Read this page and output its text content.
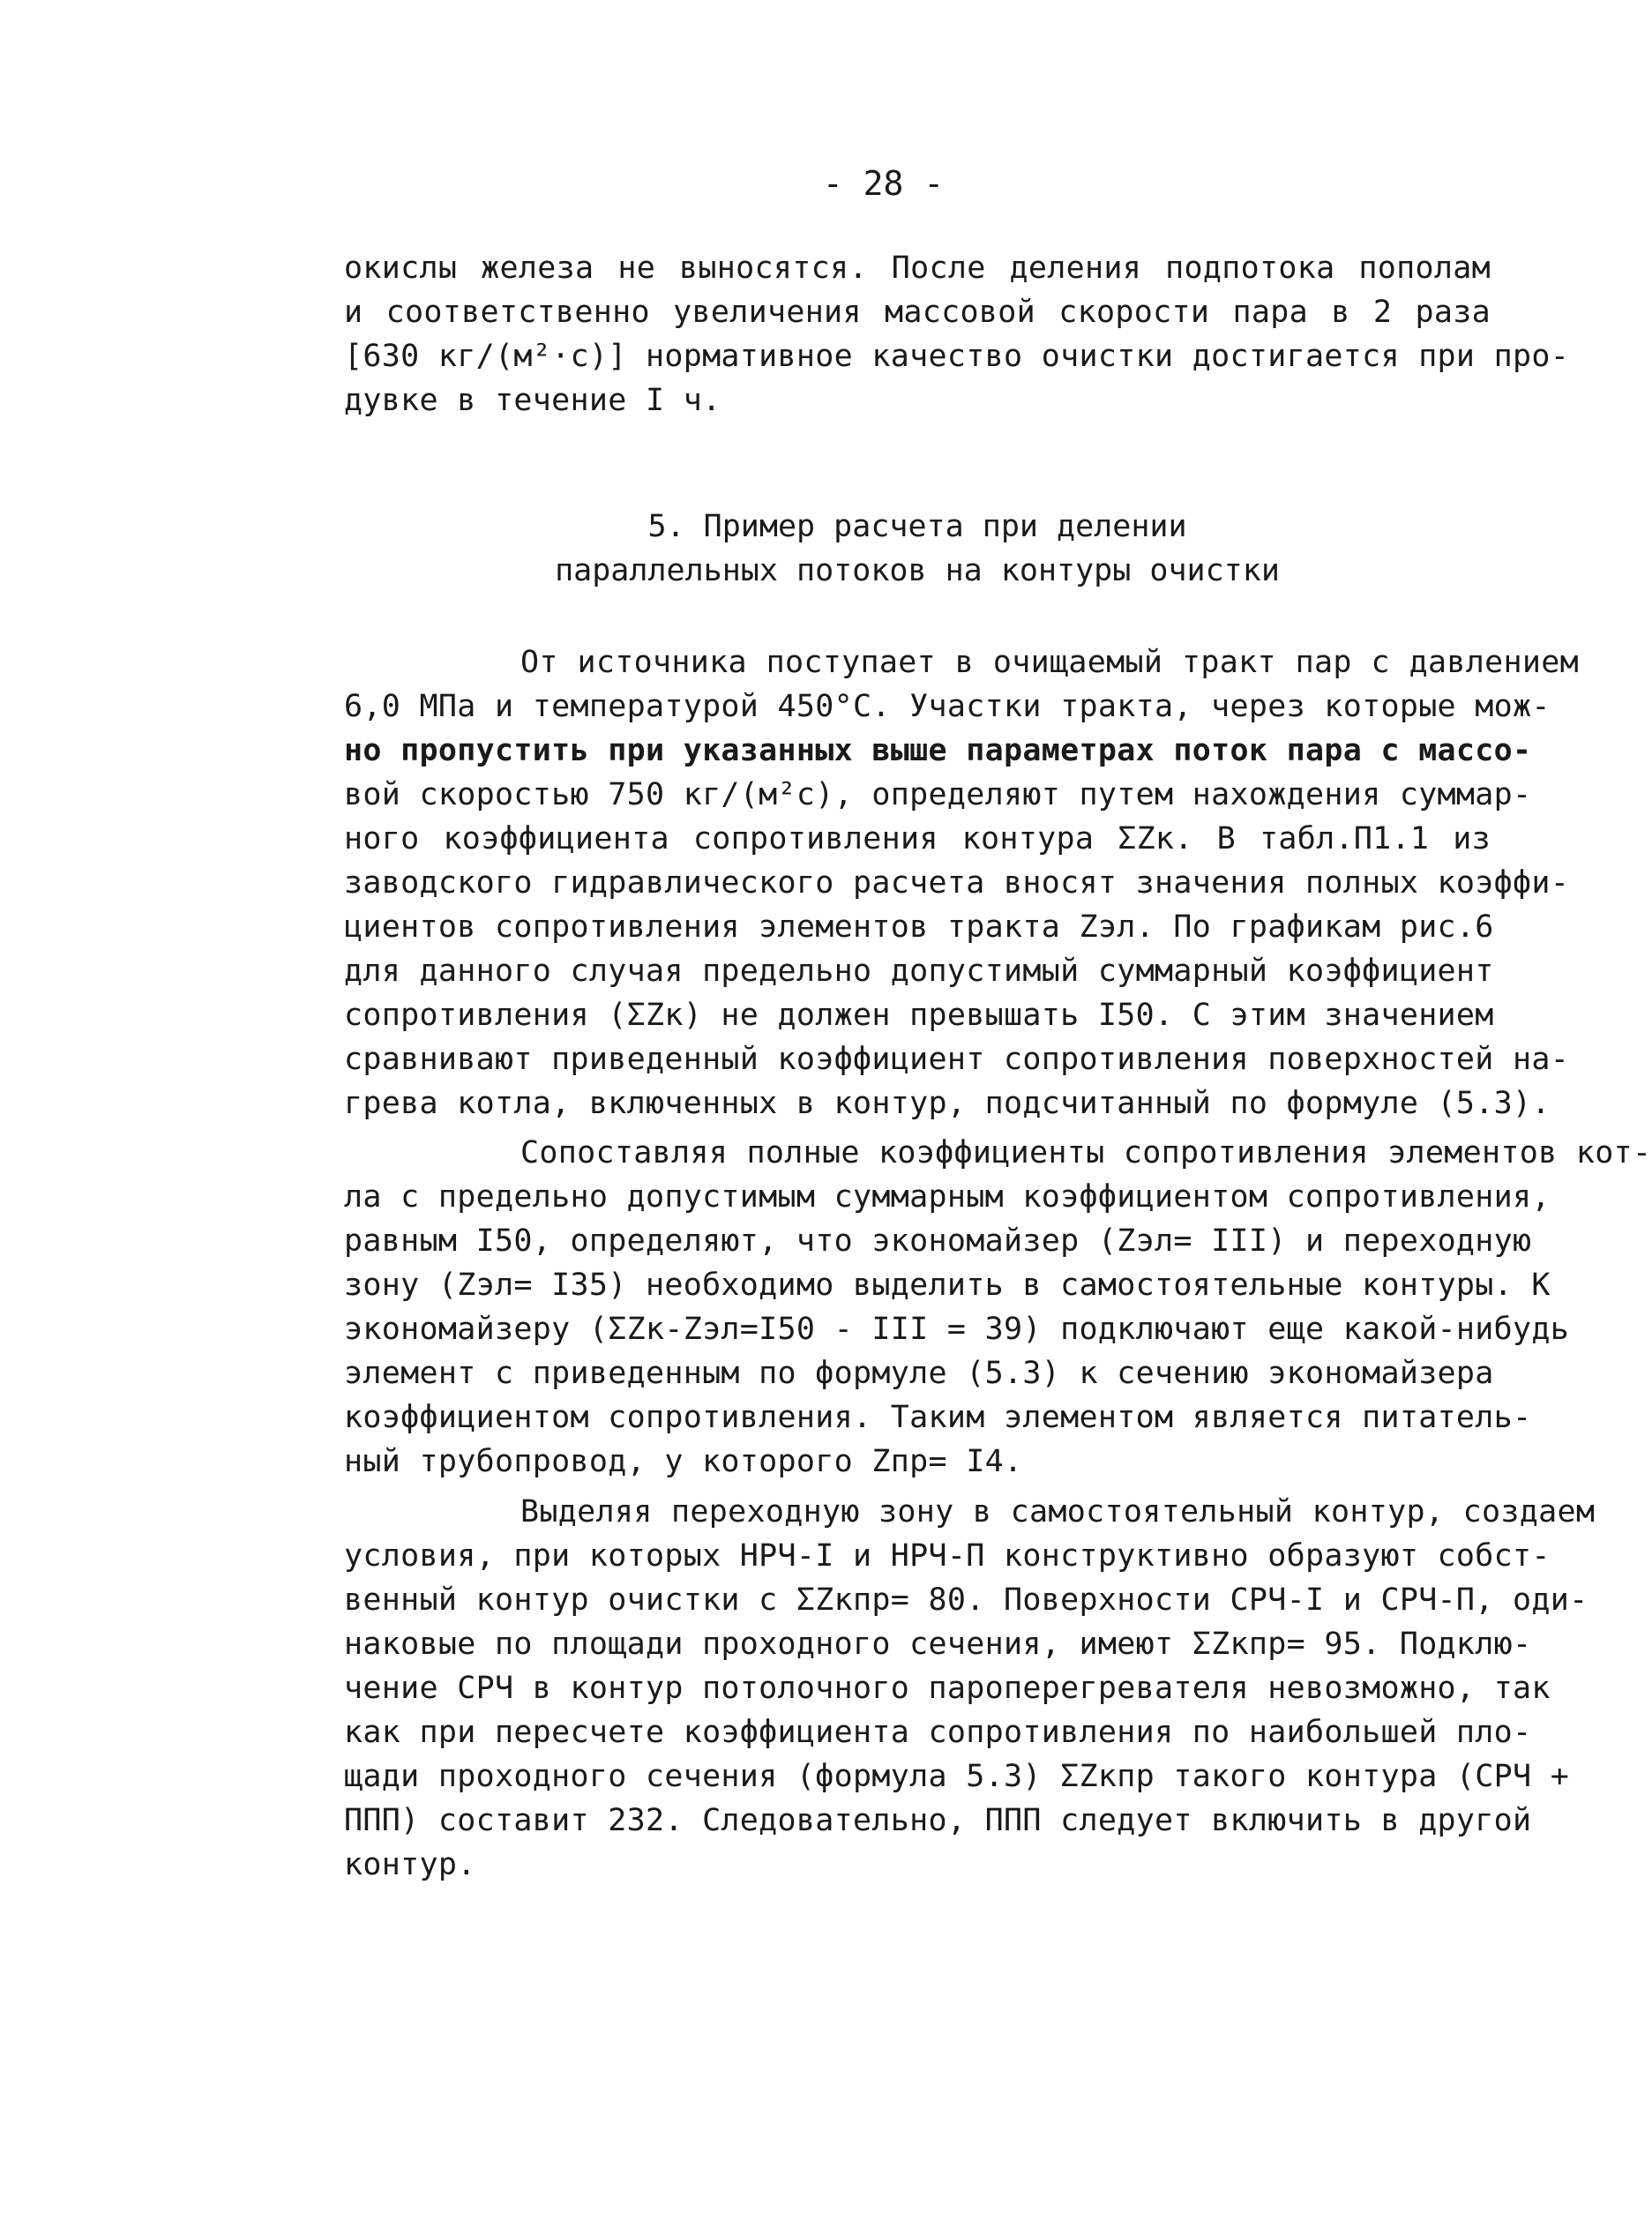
- 28 -
окислы железа не выносятся. После деления подпотока пополам
и соответственно увеличения массовой скорости пара в 2 раза
[630 кг/(м²·с)] нормативное качество очистки достигается при про-
дувке в течение I ч.
5. Пример расчета при делении
параллельных потоков на контуры очистки
От источника поступает в очищаемый тракт пар с давлением
6,0 МПа и температурой 450°С. Участки тракта, через которые мож-
но пропустить при указанных выше параметрах поток пара с массо-
вой скоростью 750 кг/(м²с), определяют путем нахождения суммар-
ного коэффициента сопротивления контура ΣZк. В табл.П1.1 из
заводского гидравлического расчета вносят значения полных коэффи-
циентов сопротивления элементов тракта Zэл. По графикам рис.6
для данного случая предельно допустимый суммарный коэффициент
сопротивления (ΣZк) не должен превышать I50. С этим значением
сравнивают приведенный коэффициент сопротивления поверхностей на-
грева котла, включенных в контур, подсчитанный по формуле (5.3).
Сопоставляя полные коэффициенты сопротивления элементов кот-
ла с предельно допустимым суммарным коэффициентом сопротивления,
равным I50, определяют, что экономайзер (Zэл= III) и переходную
зону (Zэл= I35) необходимо выделить в самостоятельные контуры. К
экономайзеру (ΣZк-Zэл=I50 - III = 39) подключают еще какой-нибудь
элемент с приведенным по формуле (5.3) к сечению экономайзера
коэффициентом сопротивления. Таким элементом является питатель-
ный трубопровод, у которого Zпр= I4.
Выделяя переходную зону в самостоятельный контур, создаем
условия, при которых НРЧ-I и НРЧ-П конструктивно образуют собст-
венный контур очистки с ΣZкпр= 80. Поверхности СРЧ-I и СРЧ-П, оди-
наковые по площади проходного сечения, имеют ΣZкпр= 95. Подклю-
чение СРЧ в контур потолочного пароперегревателя невозможно, так
как при пересчете коэффициента сопротивления по наибольшей пло-
щади проходного сечения (формула 5.3) ΣZкпр такого контура (СРЧ +
ППП) составит 232. Следовательно, ППП следует включить в другой
контур.
